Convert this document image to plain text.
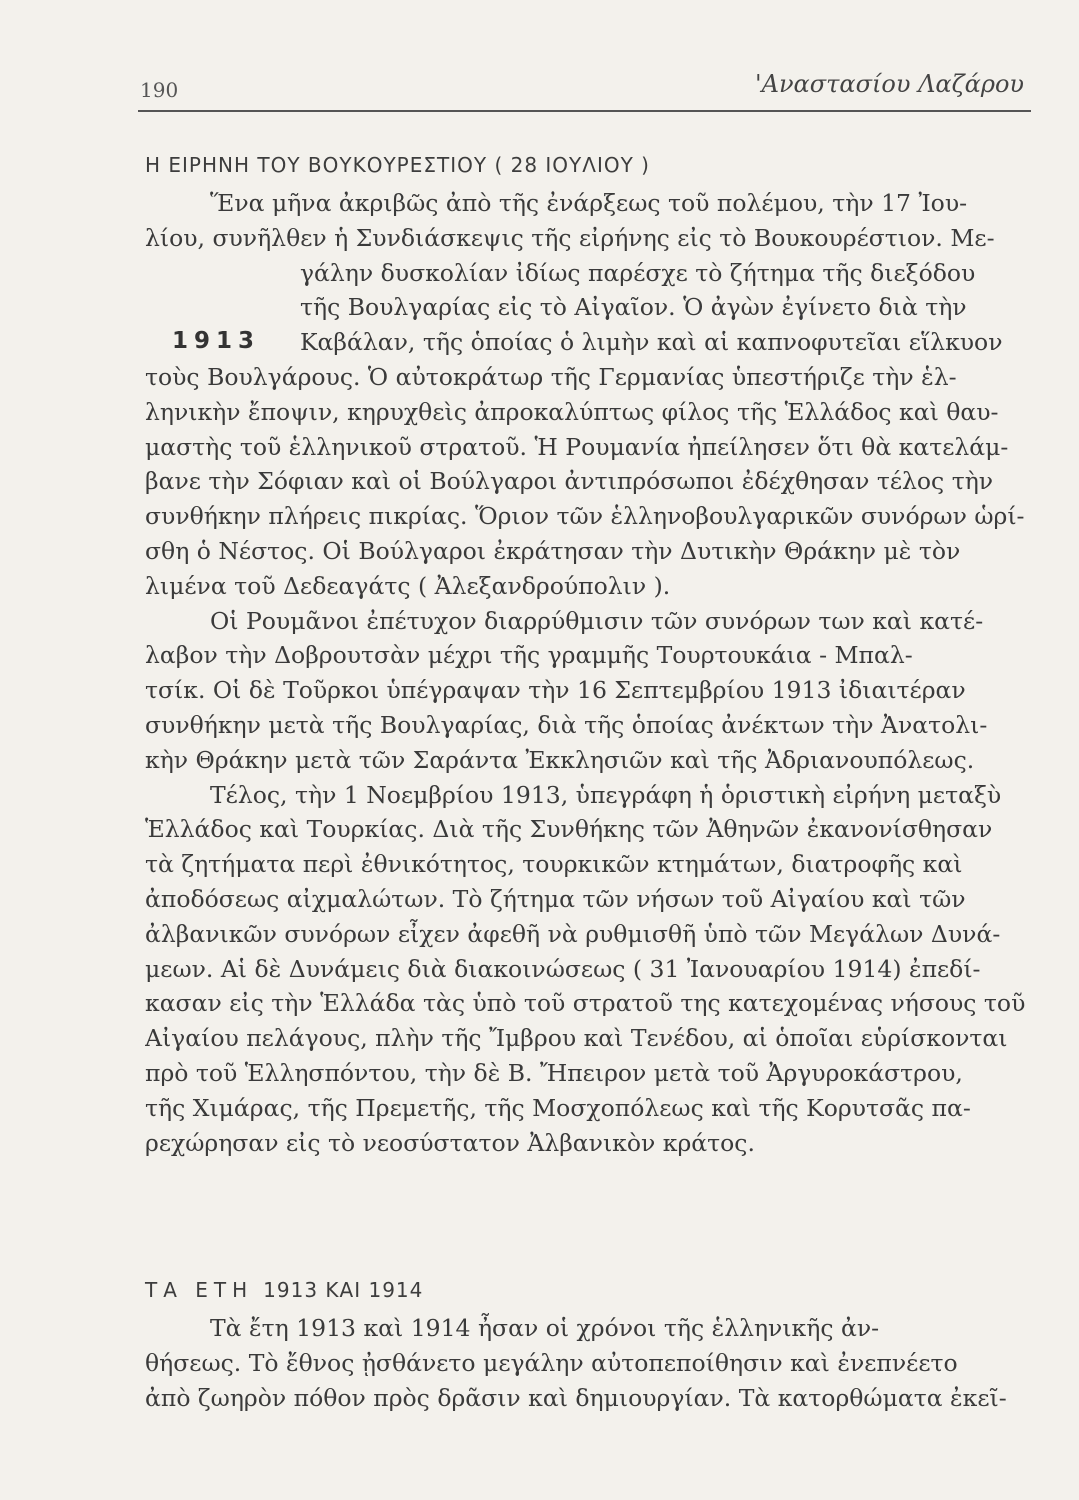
190	'Αναστασίου Λαζάρου
Η ΕΙΡΗΝΗ ΤΟΥ ΒΟΥΚΟΥΡΕΣΤΙΟΥ ( 28 ΙΟΥΛΙΟΥ )
1913
Ἕνα μῆνα ἀκριβῶς ἀπὸ τῆς ἐνάρξεως τοῦ πολέμου, τὴν 17 Ἰου-
λίου, συνῆλθεν ἡ Συνδιάσκεψις τῆς εἰρήνης εἰς τὸ Βουκουρέστιον. Με-
γάλην δυσκολίαν ἰδίως παρέσχε τὸ ζήτημα τῆς διεξόδου
τῆς Βουλγαρίας εἰς τὸ Αἰγαῖον. Ὁ ἀγὼν ἐγίνετο διὰ τὴν
Καβάλαν, τῆς ὁποίας ὁ λιμὴν καὶ αἱ καπνοφυτεῖαι εἵλκυον
τοὺς Βουλγάρους. Ὁ αὐτοκράτωρ τῆς Γερμανίας ὑπεστήριζε τὴν ἑλ-
ληνικὴν ἔποψιν, κηρυχθεὶς ἀπροκαλύπτως φίλος τῆς Ἑλλάδος καὶ θαυ-
μαστὴς τοῦ ἑλληνικοῦ στρατοῦ. Ἡ Ρουμανία ἠπείλησεν ὅτι θὰ κατελάμ-
βανε τὴν Σόφιαν καὶ οἱ Βούλγαροι ἀντιπρόσωποι ἐδέχθησαν τέλος τὴν
συνθήκην πλήρεις πικρίας. Ὅριον τῶν ἑλληνοβουλγαρικῶν συνόρων ὡρί-
σθη ὁ Νέστος. Οἱ Βούλγαροι ἐκράτησαν τὴν Δυτικὴν Θράκην μὲ τὸν
λιμένα τοῦ Δεδεαγάτς ( Ἀλεξανδρούπολιν ).
Οἱ Ρουμᾶνοι ἐπέτυχον διαρρύθμισιν τῶν συνόρων των καὶ κατέ-
λαβον τὴν Δοβρουτσὰν μέχρι τῆς γραμμῆς Τουρτουκάια - Μπαλ-
τσίκ. Οἱ δὲ Τοῦρκοι ὑπέγραψαν τὴν 16 Σεπτεμβρίου 1913 ἰδιαιτέραν
συνθήκην μετὰ τῆς Βουλγαρίας, διὰ τῆς ὁποίας ἀνέκτων τὴν Ἀνατολι-
κὴν Θράκην μετὰ τῶν Σαράντα Ἐκκλησιῶν καὶ τῆς Ἀδριανουπόλεως.
Τέλος, τὴν 1 Νοεμβρίου 1913, ὑπεγράφη ἡ ὁριστικὴ εἰρήνη μεταξὺ
Ἑλλάδος καὶ Τουρκίας. Διὰ τῆς Συνθήκης τῶν Ἀθηνῶν ἐκανονίσθησαν
τὰ ζητήματα περὶ ἐθνικότητος, τουρκικῶν κτημάτων, διατροφῆς καὶ
ἀποδόσεως αἰχμαλώτων. Τὸ ζήτημα τῶν νήσων τοῦ Αἰγαίου καὶ τῶν
ἀλβανικῶν συνόρων εἶχεν ἀφεθῆ νὰ ρυθμισθῆ ὑπὸ τῶν Μεγάλων Δυνά-
μεων. Αἱ δὲ Δυνάμεις διὰ διακοινώσεως ( 31 Ἰανουαρίου 1914) ἐπεδί-
κασαν εἰς τὴν Ἑλλάδα τὰς ὑπὸ τοῦ στρατοῦ της κατεχομένας νήσους τοῦ
Αἰγαίου πελάγους, πλὴν τῆς Ἴμβρου καὶ Τενέδου, αἱ ὁποῖαι εὑρίσκονται
πρὸ τοῦ Ἑλλησπόντου, τὴν δὲ Β. Ἤπειρον μετὰ τοῦ Ἀργυροκάστρου,
τῆς Χιμάρας, τῆς Πρεμετῆς, τῆς Μοσχοπόλεως καὶ τῆς Κορυτσᾶς πα-
ρεχώρησαν εἰς τὸ νεοσύστατον Ἀλβανικὸν κράτος.
ΤΑ ΕΤΗ 1913 ΚΑΙ 1914
Τὰ ἔτη 1913 καὶ 1914 ἦσαν οἱ χρόνοι τῆς ἑλληνικῆς ἀν-
θήσεως. Τὸ ἔθνος ᾐσθάνετο μεγάλην αὐτοπεποίθησιν καὶ ἐνεπνέετο
ἀπὸ ζωηρὸν πόθον πρὸς δρᾶσιν καὶ δημιουργίαν. Τὰ κατορθώματα ἐκεῖ-
